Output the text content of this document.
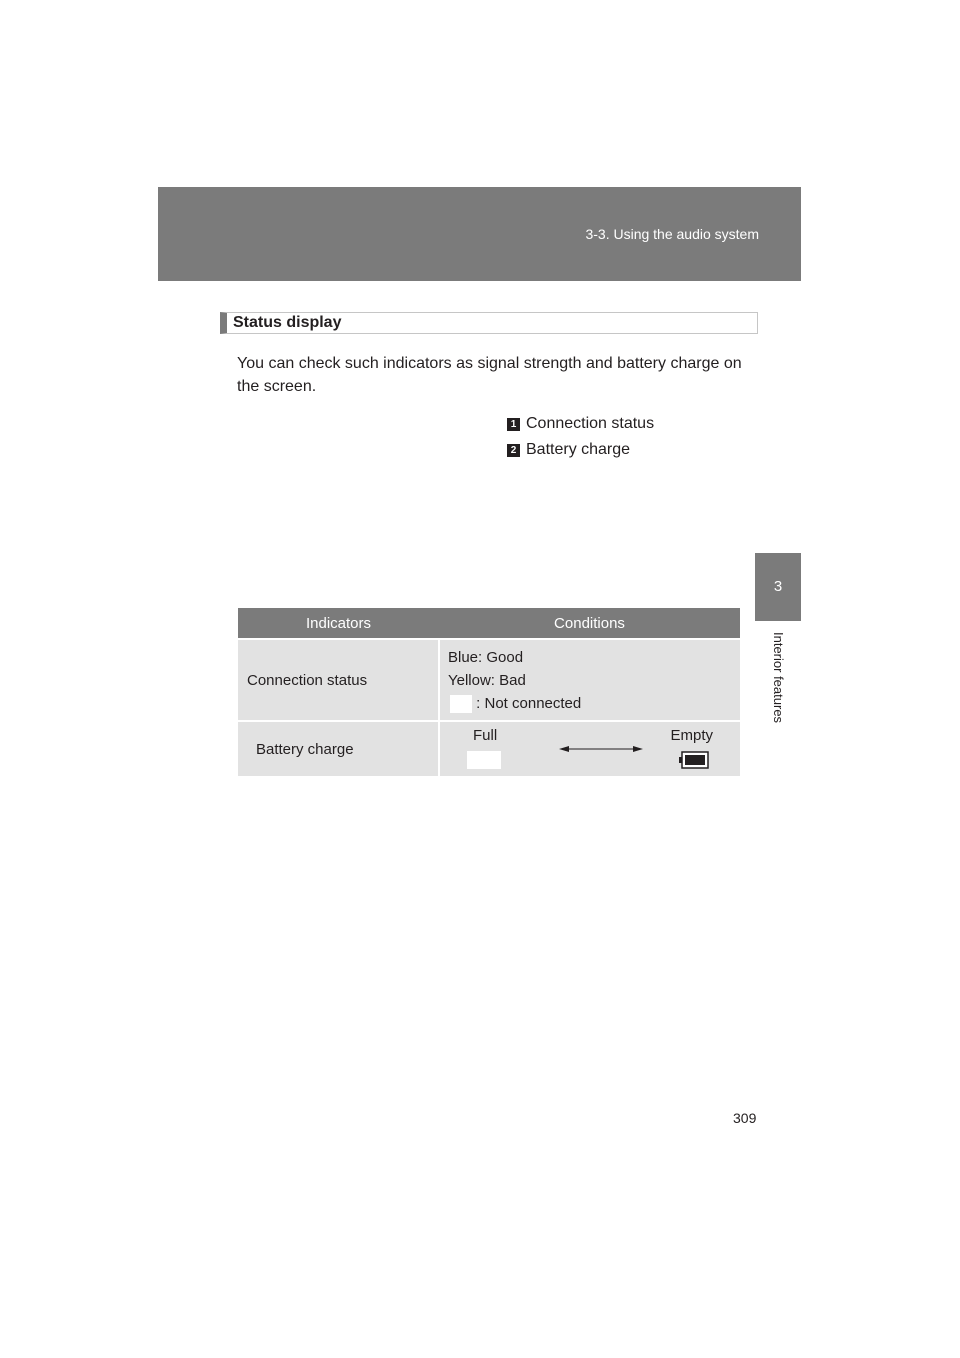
3-3. Using the audio system
3
Interior features
Status display
You can check such indicators as signal strength and battery charge on the screen.
1 Connection status
2 Battery charge
Indicators	Conditions
Connection status	Blue: Good
Yellow: Bad
: Not connected

Battery charge	Full Empty
309
